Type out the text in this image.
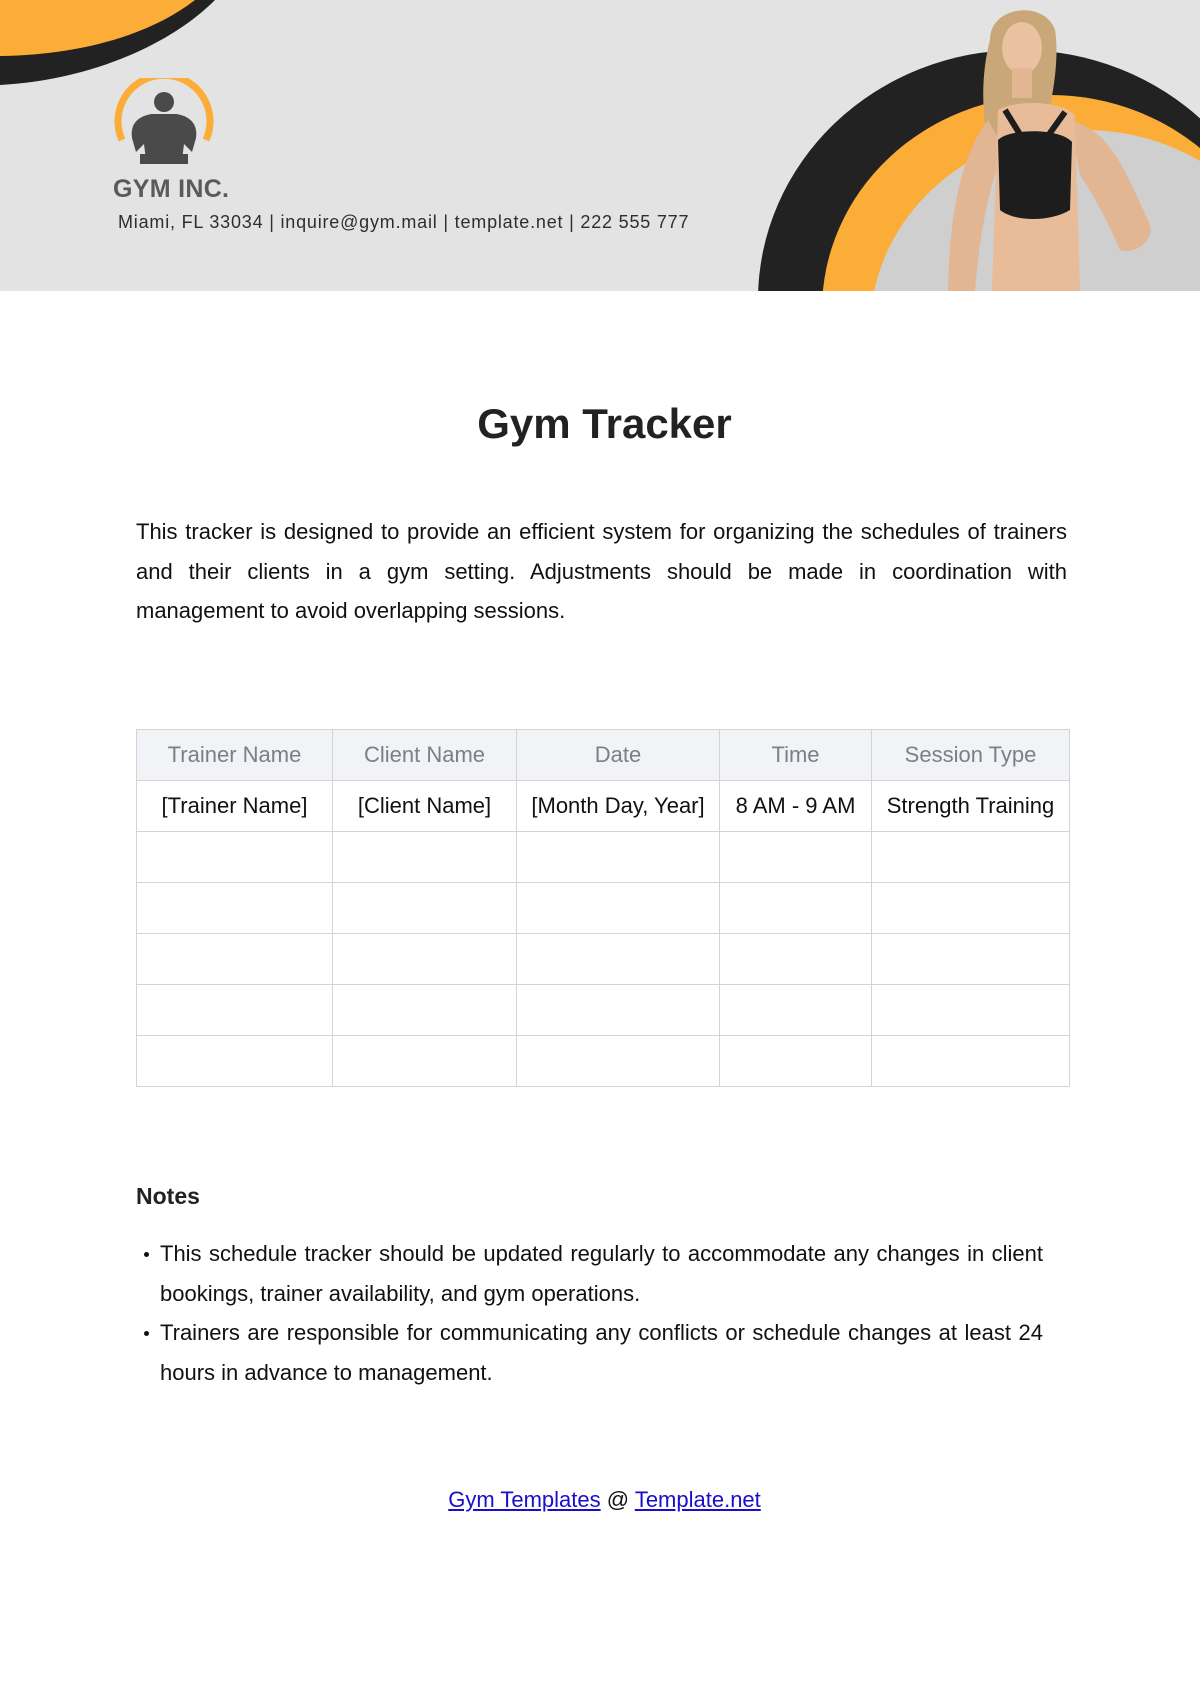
GYM INC.
Miami, FL 33034 | inquire@gym.mail | template.net | 222 555 777
Gym Tracker
This tracker is designed to provide an efficient system for organizing the schedules of trainers and their clients in a gym setting. Adjustments should be made in coordination with management to avoid overlapping sessions.
Trainer Name	Client Name	Date	Time	Session Type
[Trainer Name]	[Client Name]	[Month Day, Year]	8 AM - 9 AM	Strength Training

Notes
This schedule tracker should be updated regularly to accommodate any changes in client bookings, trainer availability, and gym operations.
Trainers are responsible for communicating any conflicts or schedule changes at least 24 hours in advance to management.
Gym Templates @ Template.net
